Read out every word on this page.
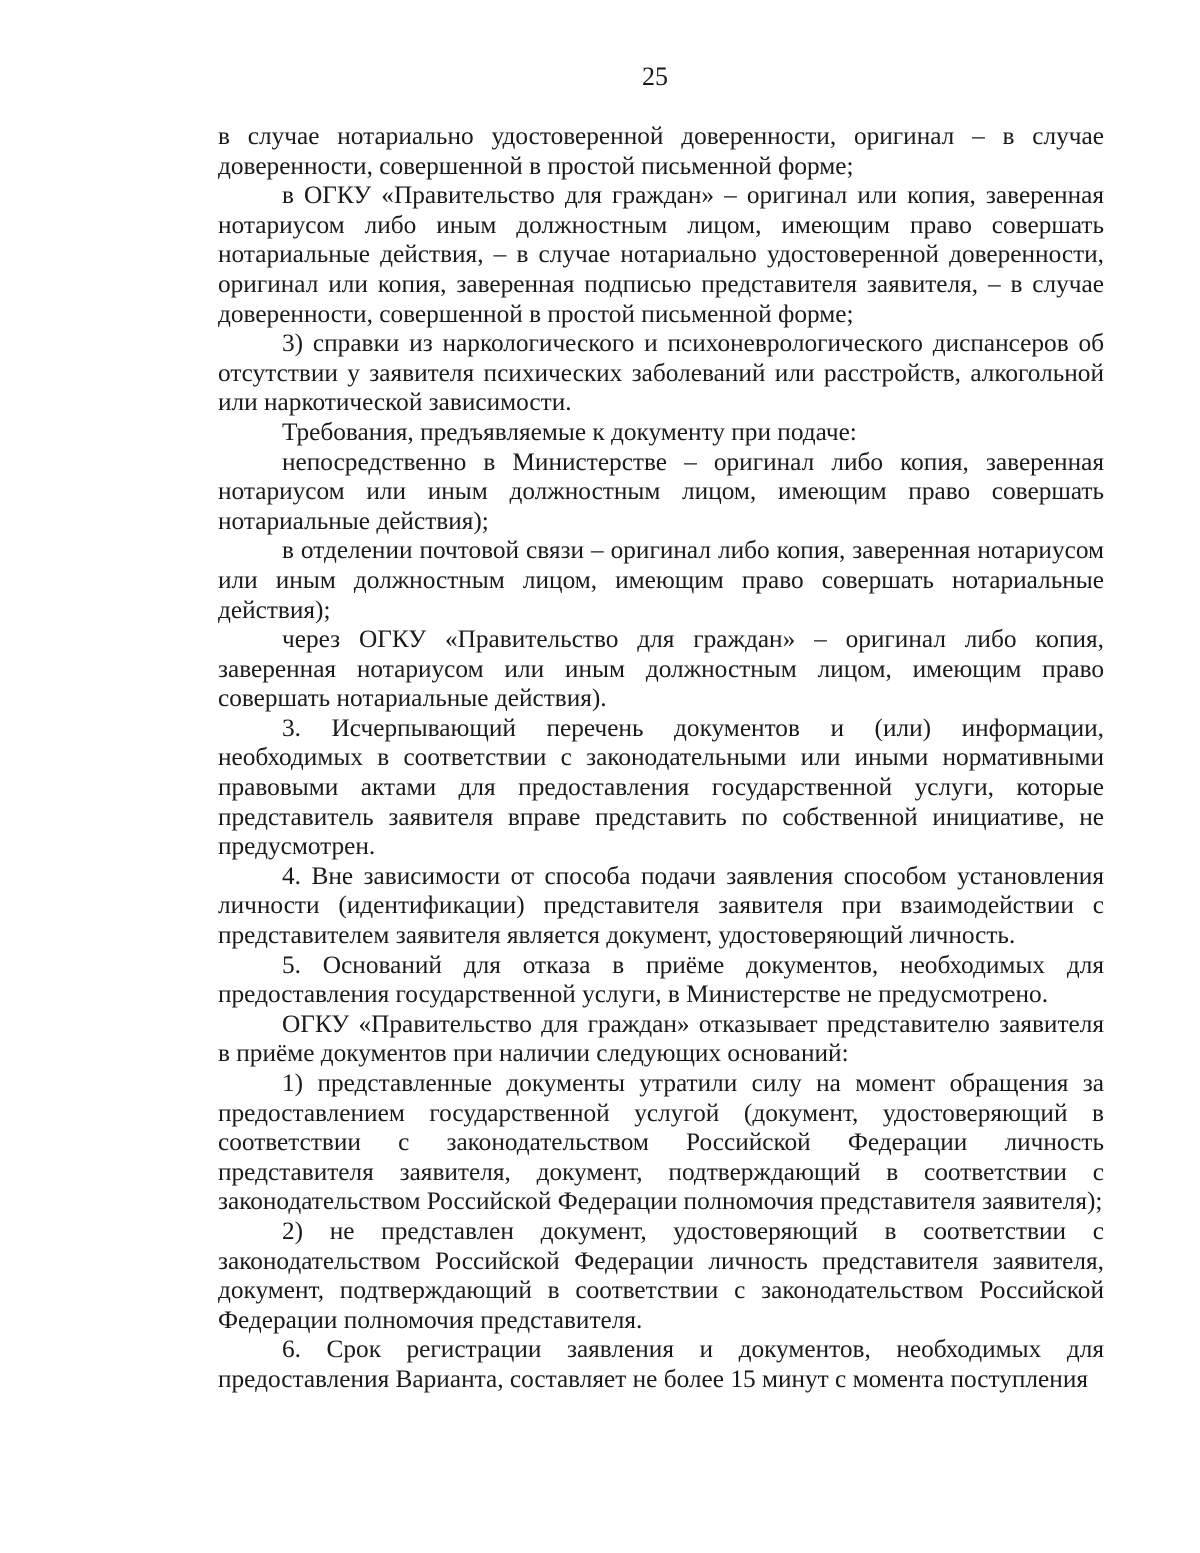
25

в случае нотариально удостоверенной доверенности, оригинал – в случае доверенности, совершенной в простой письменной форме;

в ОГКУ «Правительство для граждан» – оригинал или копия, заверенная нотариусом либо иным должностным лицом, имеющим право совершать нотариальные действия, – в случае нотариально удостоверенной доверенности, оригинал или копия, заверенная подписью представителя заявителя, – в случае доверенности, совершенной в простой письменной форме;

3) справки из наркологического и психоневрологического диспансеров об отсутствии у заявителя психических заболеваний или расстройств, алкогольной или наркотической зависимости.

Требования, предъявляемые к документу при подаче:

непосредственно в Министерстве – оригинал либо копия, заверенная нотариусом или иным должностным лицом, имеющим право совершать нотариальные действия);

в отделении почтовой связи – оригинал либо копия, заверенная нотариусом или иным должностным лицом, имеющим право совершать нотариальные действия);

через ОГКУ «Правительство для граждан» – оригинал либо копия, заверенная нотариусом или иным должностным лицом, имеющим право совершать нотариальные действия).

3. Исчерпывающий перечень документов и (или) информации, необходимых в соответствии с законодательными или иными нормативными правовыми актами для предоставления государственной услуги, которые представитель заявителя вправе представить по собственной инициативе, не предусмотрен.

4. Вне зависимости от способа подачи заявления способом установления личности (идентификации) представителя заявителя при взаимодействии с представителем заявителя является документ, удостоверяющий личность.

5. Оснований для отказа в приёме документов, необходимых для предоставления государственной услуги, в Министерстве не предусмотрено.

ОГКУ «Правительство для граждан» отказывает представителю заявителя в приёме документов при наличии следующих оснований:

1) представленные документы утратили силу на момент обращения за предоставлением государственной услугой (документ, удостоверяющий в соответствии с законодательством Российской Федерации личность представителя заявителя, документ, подтверждающий в соответствии с законодательством Российской Федерации полномочия представителя заявителя);

2) не представлен документ, удостоверяющий в соответствии с законодательством Российской Федерации личность представителя заявителя, документ, подтверждающий в соответствии с законодательством Российской Федерации полномочия представителя.

6. Срок регистрации заявления и документов, необходимых для предоставления Варианта, составляет не более 15 минут с момента поступления
